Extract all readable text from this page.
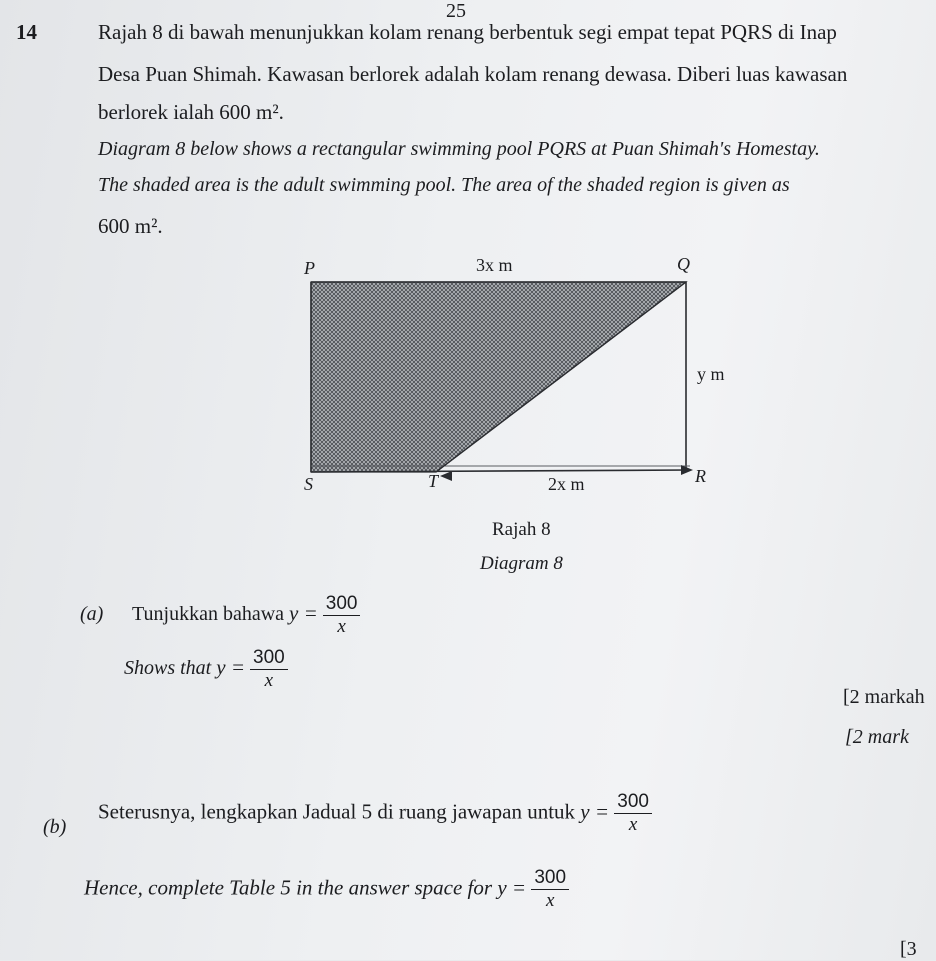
25
14	Rajah 8 di bawah menunjukkan kolam renang berbentuk segi empat tepat PQRS di Inap
Desa Puan Shimah. Kawasan berlorek adalah kolam renang dewasa. Diberi luas kawasan
berlorek ialah 600 m².
Diagram 8 below shows a rectangular swimming pool PQRS at Puan Shimah's Homestay.
The shaded area is the adult swimming pool. The area of the shaded region is given as
600 m².
P	Q
R
S	T
3x m
y m
2x m
Rajah 8
Diagram 8
(a) Tunjukkan bahawa $y = \frac{300}{x}$
Shows that $y = \frac{300}{x}$
[2 markah
[2 mark
(b)
Seterusnya, lengkapkan Jadual 5 di ruang jawapan untuk $y = \frac{300}{x}$
Hence, complete Table 5 in the answer space for $y = \frac{300}{x}$
[3
